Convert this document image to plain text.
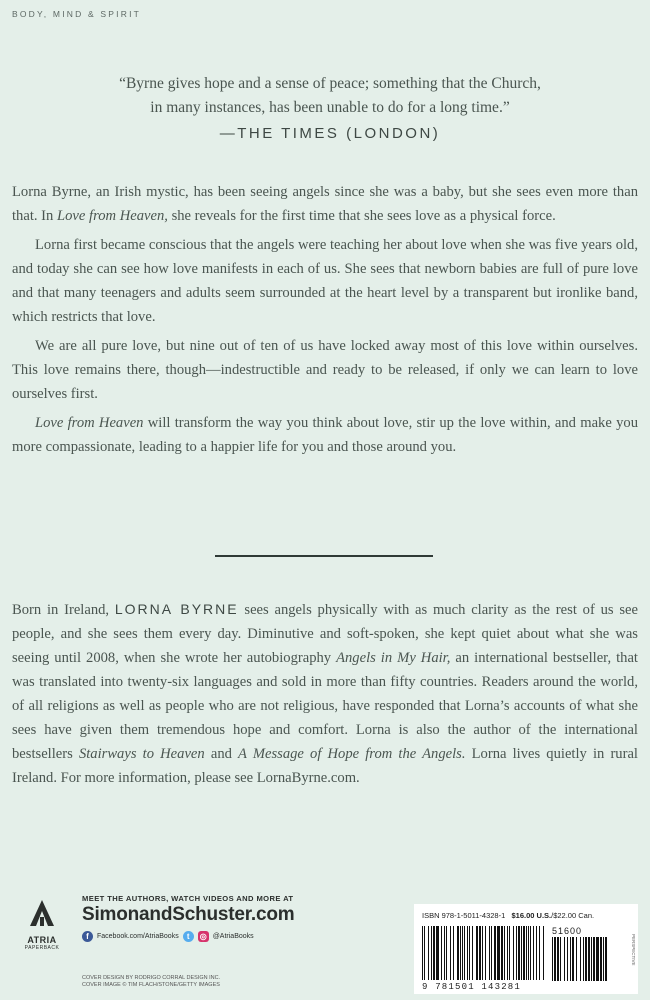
BODY, MIND & SPIRIT
“Byrne gives hope and a sense of peace; something that the Church,
in many instances, has been unable to do for a long time.”
—THE TIMES (LONDON)

Lorna Byrne, an Irish mystic, has been seeing angels since she was a baby, but she sees even more than that. In Love from Heaven, she reveals for the first time that she sees love as a physical force.

Lorna first became conscious that the angels were teaching her about love when she was five years old, and today she can see how love manifests in each of us. She sees that newborn babies are full of pure love and that many teenagers and adults seem surrounded at the heart level by a transparent but ironlike band, which restricts that love.

We are all pure love, but nine out of ten of us have locked away most of this love within ourselves. This love remains there, though—indestructible and ready to be released, if only we can learn to love ourselves first.

Love from Heaven will transform the way you think about love, stir up the love within, and make you more compassionate, leading to a happier life for you and those around you.

Born in Ireland, LORNA BYRNE sees angels physically with as much clarity as the rest of us see people, and she sees them every day. Diminutive and soft-spoken, she kept quiet about what she was seeing until 2008, when she wrote her autobiography Angels in My Hair, an international bestseller, that was translated into twenty-six languages and sold in more than fifty countries. Readers around the world, of all religions as well as people who are not religious, have responded that Lorna’s accounts of what she sees have given them tremendous hope and comfort. Lorna is also the author of the international bestsellers Stairways to Heaven and A Message of Hope from the Angels. Lorna lives quietly in rural Ireland. For more information, please see LornaByrne.com.

ATRIA
PAPERBACK
MEET THE AUTHORS, WATCH VIDEOS AND MORE AT
SimonandSchuster.com
f	Facebook.com/AtriaBooks	t	◎ @AtriaBooks
COVER DESIGN BY RODRIGO CORRAL DESIGN INC.
COVER IMAGE © TIM FLACH/STONE/GETTY IMAGES
ISBN 978-1-5011-4328-1 $16.00 U.S./$22.00 Can.
51600
9 781501 143281
PERSPECTIVE
